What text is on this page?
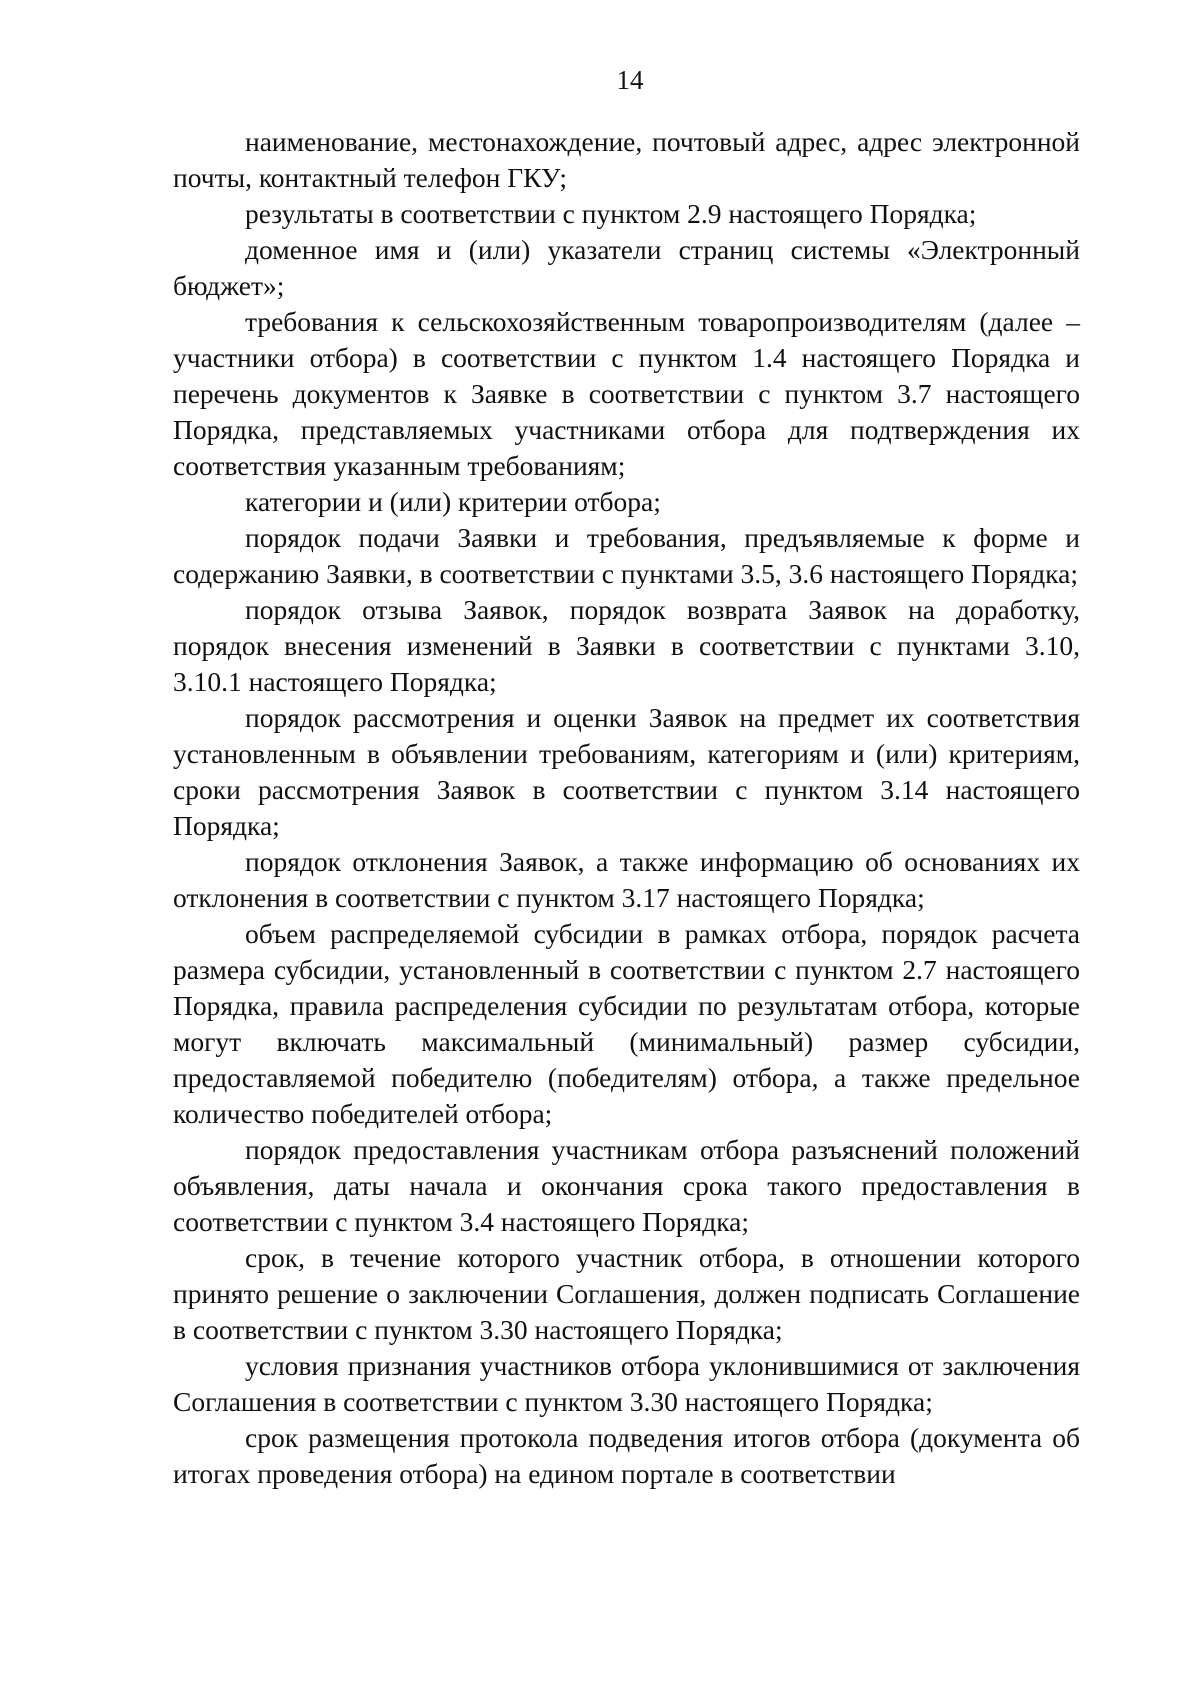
14

наименование, местонахождение, почтовый адрес, адрес электронной почты, контактный телефон ГКУ;

результаты в соответствии с пунктом 2.9 настоящего Порядка;

доменное имя и (или) указатели страниц системы «Электронный бюджет»;

требования к сельскохозяйственным товаропроизводителям (далее – участники отбора) в соответствии с пунктом 1.4 настоящего Порядка и перечень документов к Заявке в соответствии с пунктом 3.7 настоящего Порядка, представляемых участниками отбора для подтверждения их соответствия указанным требованиям;

категории и (или) критерии отбора;

порядок подачи Заявки и требования, предъявляемые к форме и содержанию Заявки, в соответствии с пунктами 3.5, 3.6 настоящего Порядка;

порядок отзыва Заявок, порядок возврата Заявок на доработку, порядок внесения изменений в Заявки в соответствии с пунктами 3.10, 3.10.1 настоящего Порядка;

порядок рассмотрения и оценки Заявок на предмет их соответствия установленным в объявлении требованиям, категориям и (или) критериям, сроки рассмотрения Заявок в соответствии с пунктом 3.14 настоящего Порядка;

порядок отклонения Заявок, а также информацию об основаниях их отклонения в соответствии с пунктом 3.17 настоящего Порядка;

объем распределяемой субсидии в рамках отбора, порядок расчета размера субсидии, установленный в соответствии с пунктом 2.7 настоящего Порядка, правила распределения субсидии по результатам отбора, которые могут включать максимальный (минимальный) размер субсидии, предоставляемой победителю (победителям) отбора, а также предельное количество победителей отбора;

порядок предоставления участникам отбора разъяснений положений объявления, даты начала и окончания срока такого предоставления в соответствии с пунктом 3.4 настоящего Порядка;

срок, в течение которого участник отбора, в отношении которого принято решение о заключении Соглашения, должен подписать Соглашение в соответствии с пунктом 3.30 настоящего Порядка;

условия признания участников отбора уклонившимися от заключения Соглашения в соответствии с пунктом 3.30 настоящего Порядка;

срок размещения протокола подведения итогов отбора (документа об итогах проведения отбора) на едином портале в соответствии
